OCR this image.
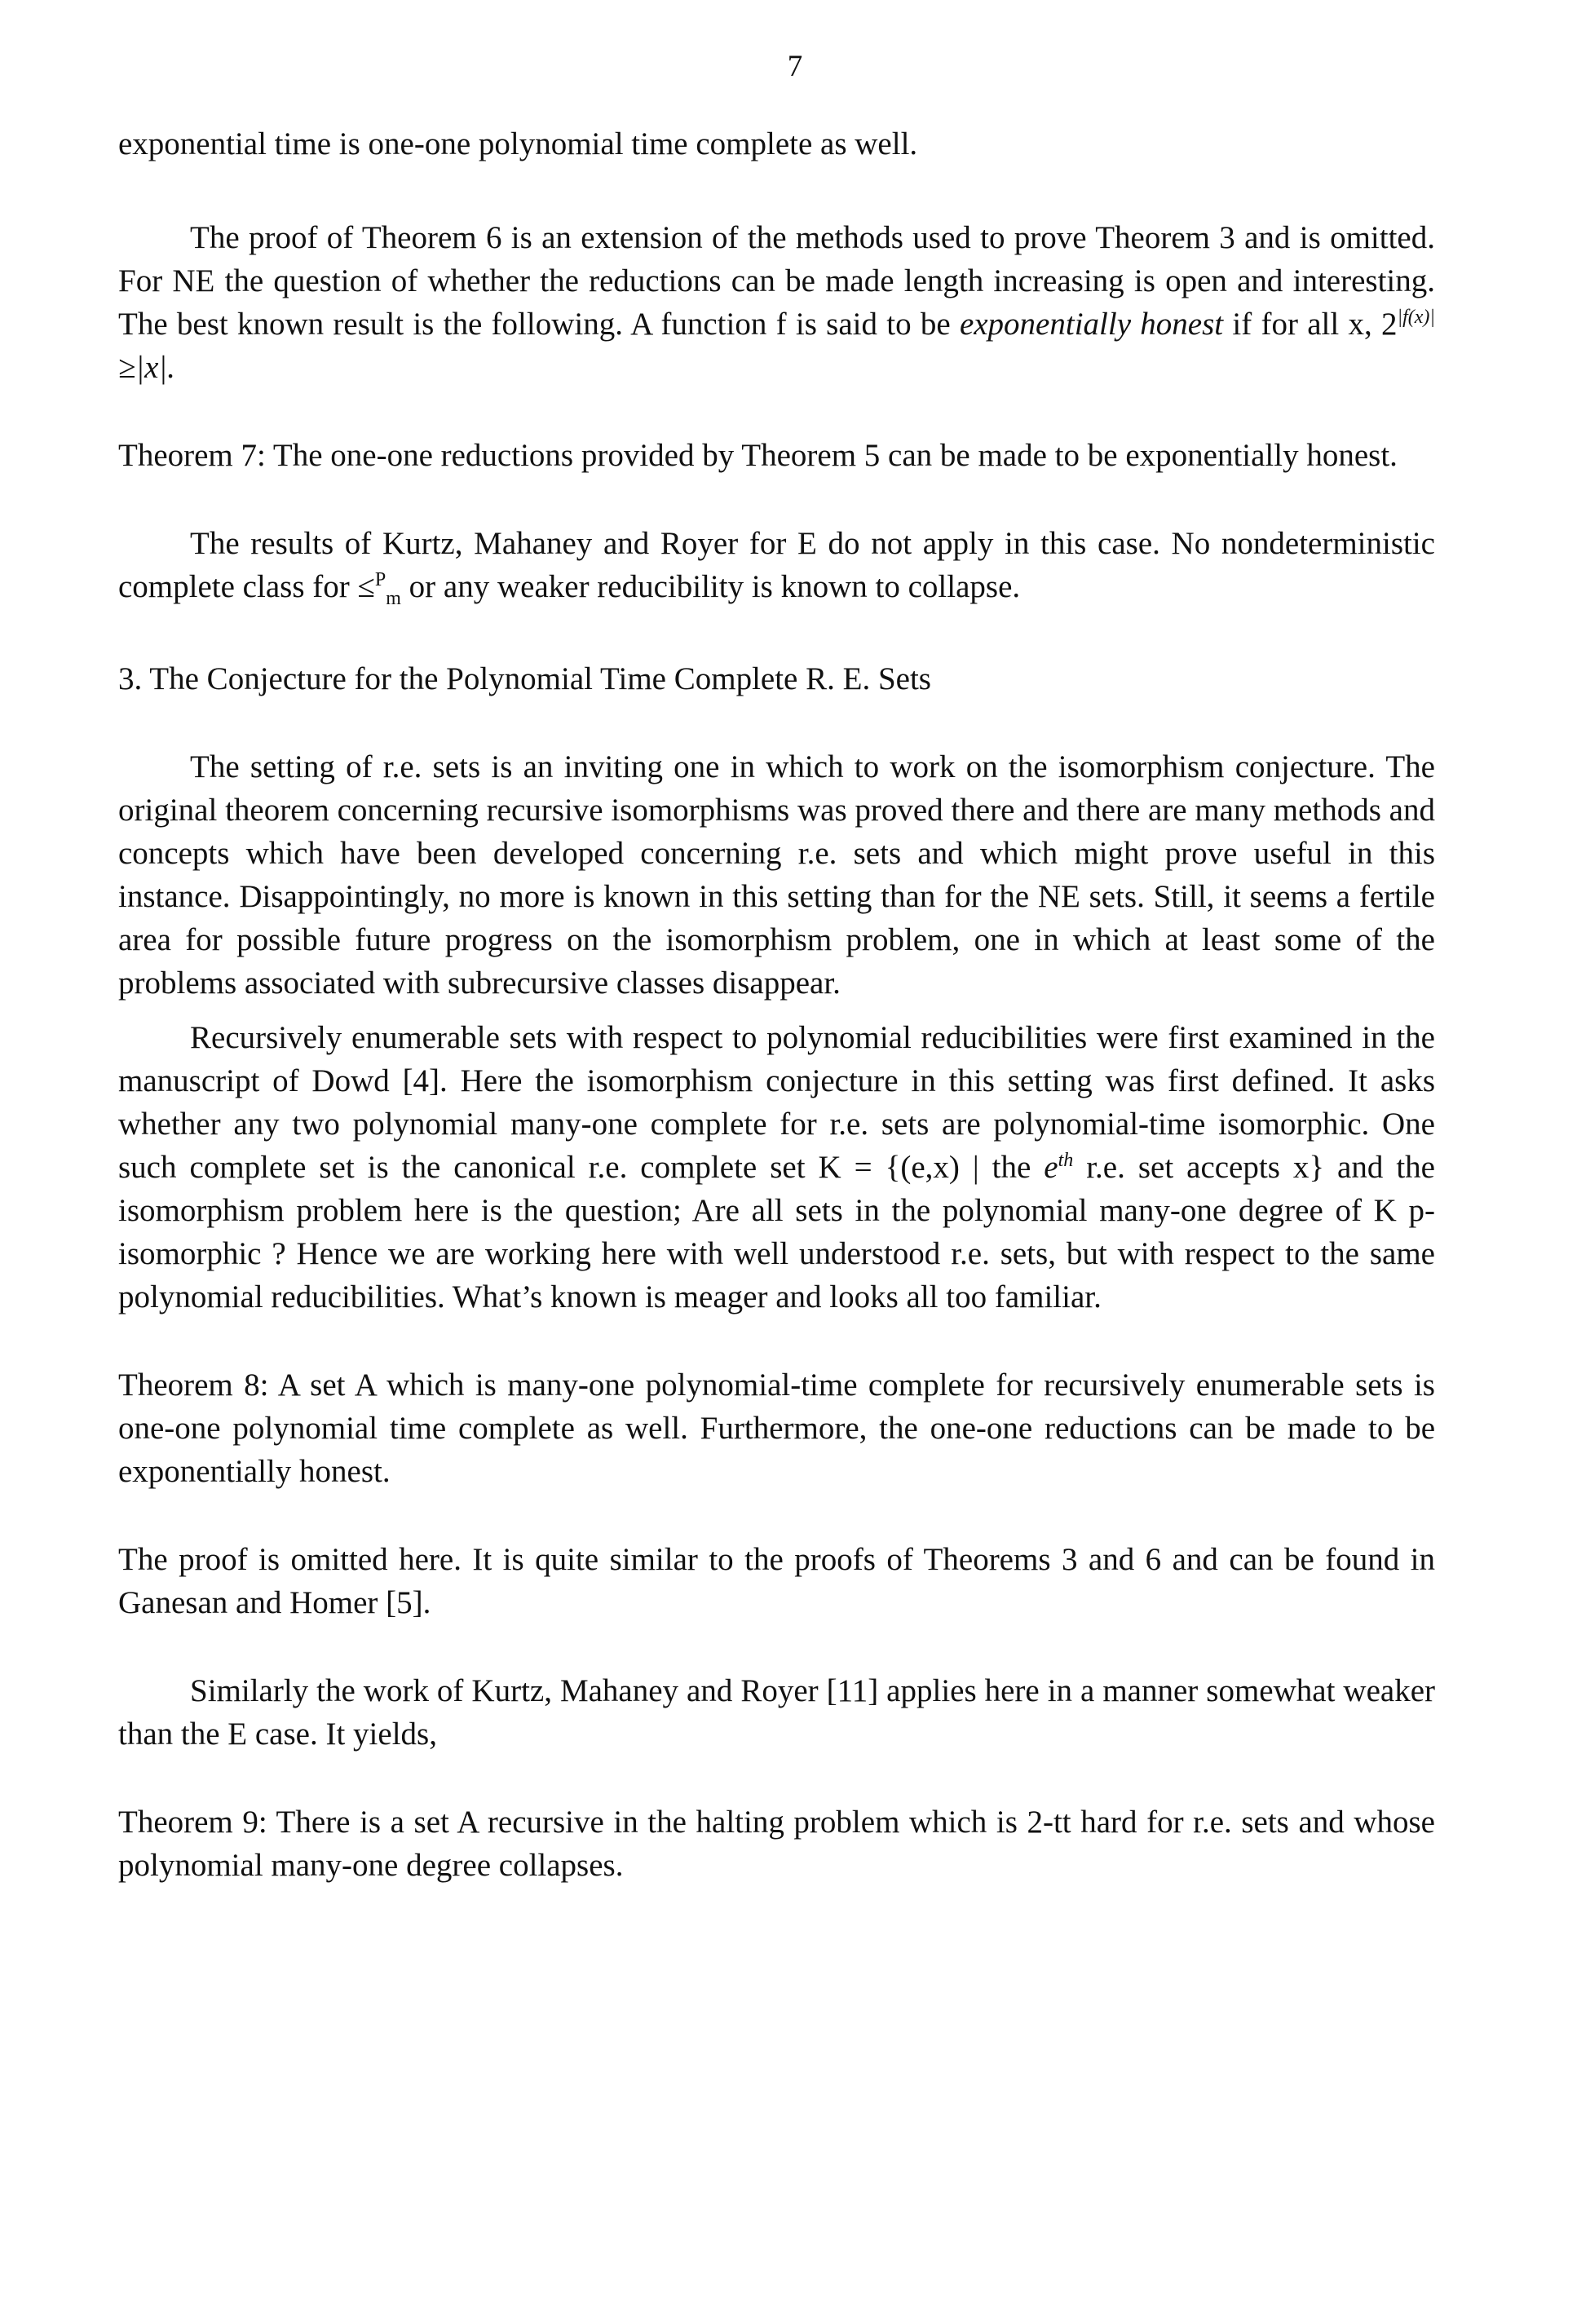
7

exponential time is one-one polynomial time complete as well.

The proof of Theorem 6 is an extension of the methods used to prove Theorem 3 and is omitted. For NE the question of whether the reductions can be made length increasing is open and interesting. The best known result is the following. A function f is said to be exponentially honest if for all x, $2^{|f(x)|}\ge|x|$.

Theorem 7: The one-one reductions provided by Theorem 5 can be made to be exponentially honest.

The results of Kurtz, Mahaney and Royer for E do not apply in this case. No nondeterministic complete class for ≤$^P_m$ or any weaker reducibility is known to collapse.

3. The Conjecture for the Polynomial Time Complete R. E. Sets

The setting of r.e. sets is an inviting one in which to work on the isomorphism conjecture. The original theorem concerning recursive isomorphisms was proved there and there are many methods and concepts which have been developed concerning r.e. sets and which might prove useful in this instance. Disappointingly, no more is known in this setting than for the NE sets. Still, it seems a fertile area for possible future progress on the isomorphism problem, one in which at least some of the problems associated with subrecursive classes disappear.

Recursively enumerable sets with respect to polynomial reducibilities were first examined in the manuscript of Dowd [4]. Here the isomorphism conjecture in this setting was first defined. It asks whether any two polynomial many-one complete for r.e. sets are polynomial-time isomorphic. One such complete set is the canonical r.e. complete set K = {(e,x) | the $e^{th}$ r.e. set accepts x} and the isomorphism problem here is the question; Are all sets in the polynomial many-one degree of K p-isomorphic ? Hence we are working here with well understood r.e. sets, but with respect to the same polynomial reducibilities. What’s known is meager and looks all too familiar.

Theorem 8: A set A which is many-one polynomial-time complete for recursively enumerable sets is one-one polynomial time complete as well. Furthermore, the one-one reductions can be made to be exponentially honest.

The proof is omitted here. It is quite similar to the proofs of Theorems 3 and 6 and can be found in Ganesan and Homer [5].

Similarly the work of Kurtz, Mahaney and Royer [11] applies here in a manner somewhat weaker than the E case. It yields,

Theorem 9: There is a set A recursive in the halting problem which is 2-tt hard for r.e. sets and whose polynomial many-one degree collapses.
